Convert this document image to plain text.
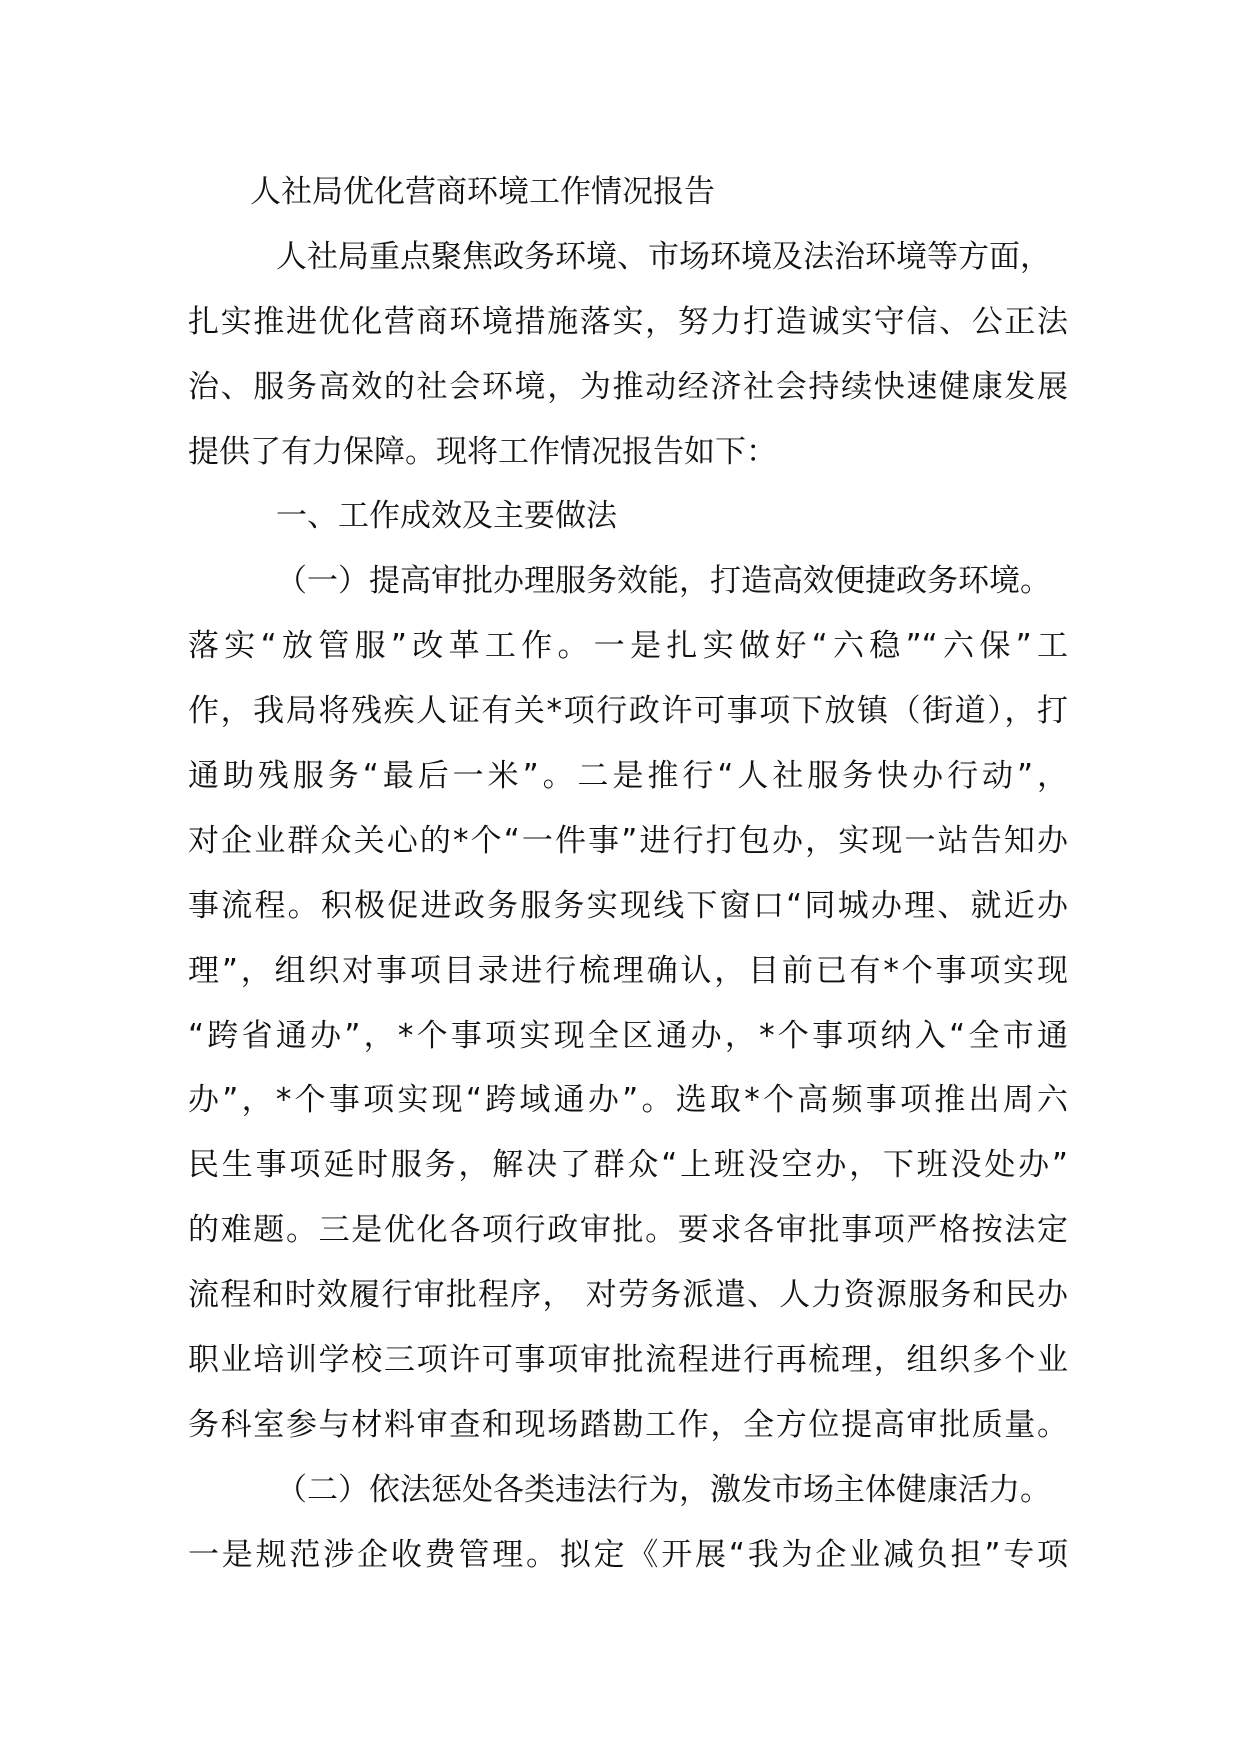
人社局优化营商环境工作情况报告
人社局重点聚焦政务环境、市场环境及法治环境等方面，
扎实推进优化营商环境措施落实，努力打造诚实守信、公正法
治、服务高效的社会环境，为推动经济社会持续快速健康发展
提供了有力保障。现将工作情况报告如下：
一、工作成效及主要做法
（一）提高审批办理服务效能，打造高效便捷政务环境。
落实“放管服”改革工作。一是扎实做好“六稳”“六保”工
作，我局将残疾人证有关*项行政许可事项下放镇（街道），打
通助残服务“最后一米”。二是推行“人社服务快办行动”，
对企业群众关心的*个“一件事”进行打包办，实现一站告知办
事流程。积极促进政务服务实现线下窗口“同城办理、就近办
理”，组织对事项目录进行梳理确认，目前已有*个事项实现
“跨省通办”，*个事项实现全区通办，*个事项纳入“全市通
办”，*个事项实现“跨域通办”。选取*个高频事项推出周六
民生事项延时服务，解决了群众“上班没空办，下班没处办”
的难题。三是优化各项行政审批。要求各审批事项严格按法定
流程和时效履行审批程序， 对劳务派遣、人力资源服务和民办
职业培训学校三项许可事项审批流程进行再梳理，组织多个业
务科室参与材料审查和现场踏勘工作，全方位提高审批质量。
（二）依法惩处各类违法行为，激发市场主体健康活力。
一是规范涉企收费管理。拟定《开展“我为企业减负担”专项
